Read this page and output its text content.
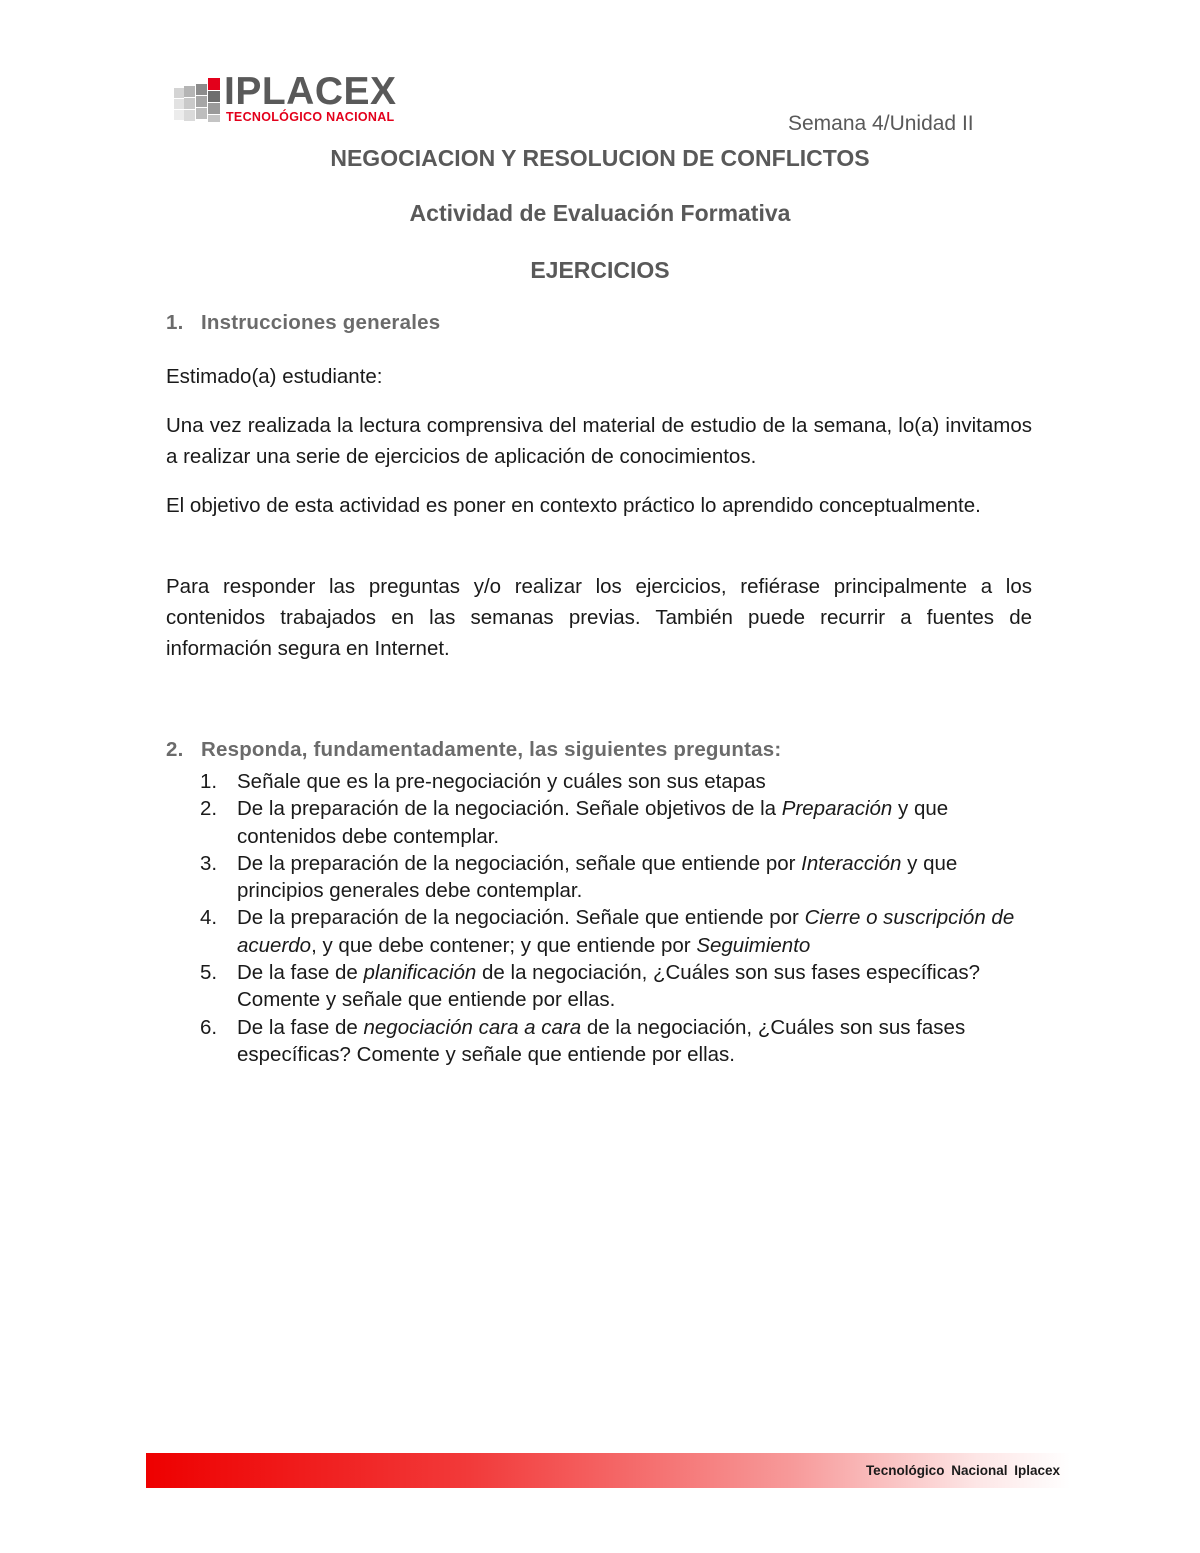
IPLACEX
TECNOLÓGICO NACIONAL	Semana 4/Unidad II
NEGOCIACION Y RESOLUCION DE CONFLICTOS
Actividad de Evaluación Formativa
EJERCICIOS
1. Instrucciones generales
Estimado(a) estudiante:
Una vez realizada la lectura comprensiva del material de estudio de la semana, lo(a) invitamos a realizar una serie de ejercicios de aplicación de conocimientos.
El objetivo de esta actividad es poner en contexto práctico lo aprendido conceptualmente.
Para responder las preguntas y/o realizar los ejercicios, refiérase principalmente a los contenidos trabajados en las semanas previas. También puede recurrir a fuentes de información segura en Internet.
2. Responda, fundamentadamente, las siguientes preguntas:
1. Señale que es la pre-negociación y cuáles son sus etapas
2. De la preparación de la negociación. Señale objetivos de la Preparación y que contenidos debe contemplar.
3. De la preparación de la negociación, señale que entiende por Interacción y que principios generales debe contemplar.
4. De la preparación de la negociación. Señale que entiende por Cierre o suscripción de acuerdo, y que debe contener; y que entiende por Seguimiento
5. De la fase de planificación de la negociación, ¿Cuáles son sus fases específicas? Comente y señale que entiende por ellas.
6. De la fase de negociación cara a cara de la negociación, ¿Cuáles son sus fases específicas? Comente y señale que entiende por ellas.
Tecnológico Nacional Iplacex
